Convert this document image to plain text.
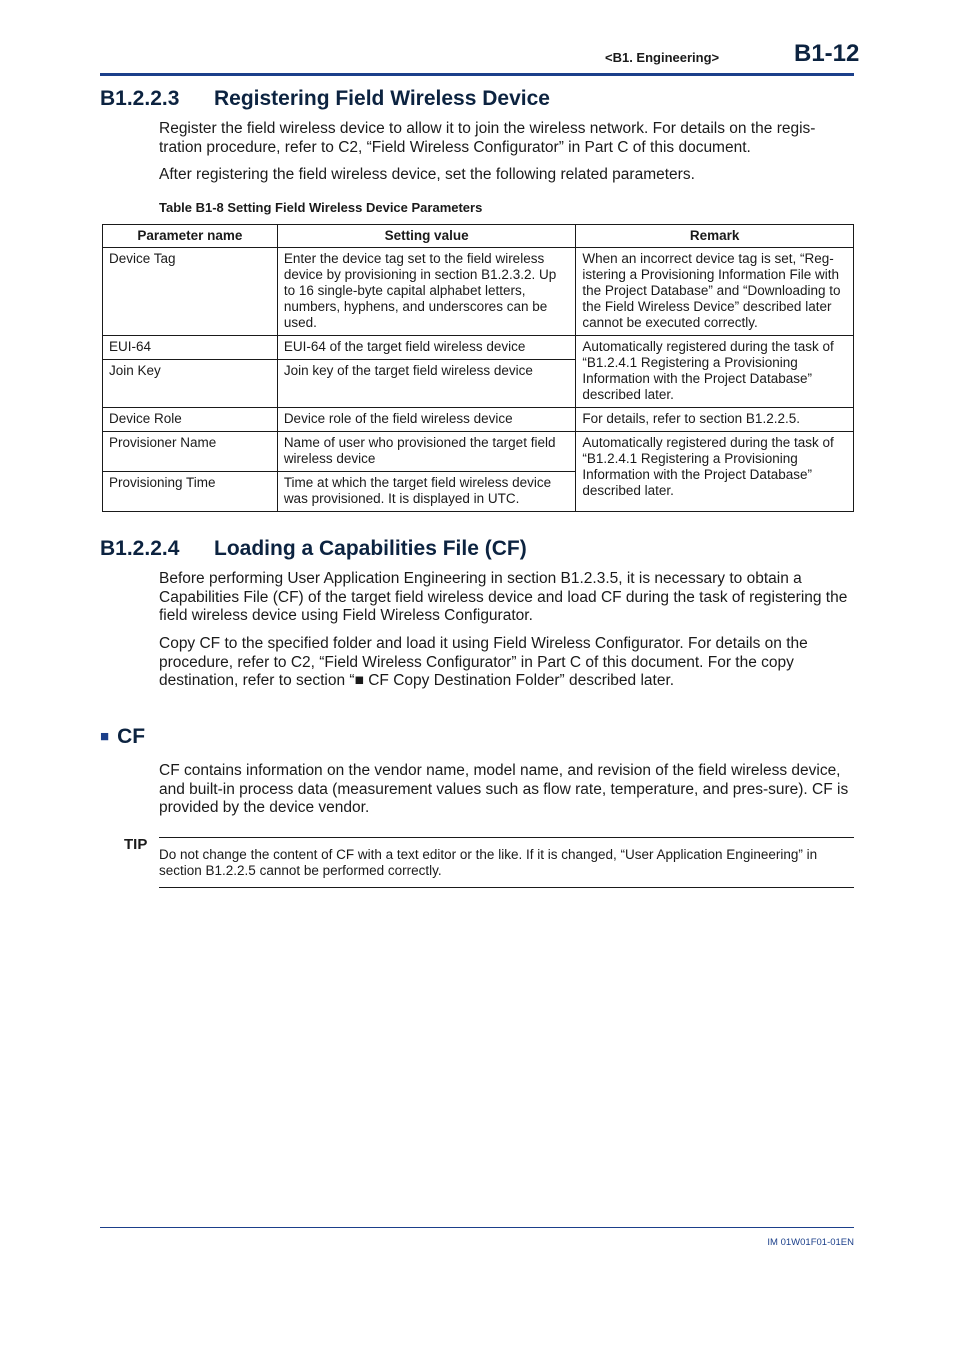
<B1. Engineering>	B1-12
B1.2.2.3 Registering Field Wireless Device
Register the field wireless device to allow it to join the wireless network. For details on the regis-tration procedure, refer to C2, “Field Wireless Configurator” in Part C of this document.
After registering the field wireless device, set the following related parameters.
Table B1-8 Setting Field Wireless Device Parameters
Parameter name	Setting value	Remark
Device Tag	Enter the device tag set to the field wireless device by provisioning in section B1.2.3.2. Up to 16 single-byte capital alphabet letters, numbers, hyphens, and underscores can be used.	When an incorrect device tag is set, “Reg-istering a Provisioning Information File with the Project Database” and “Downloading to the Field Wireless Device” described later cannot be executed correctly.
EUI-64	EUI-64 of the target field wireless device	Automatically registered during the task of “B1.2.4.1 Registering a Provisioning Information with the Project Database” described later.
Join Key	Join key of the target field wireless device	
Device Role	Device role of the field wireless device	For details, refer to section B1.2.2.5.
Provisioner Name	Name of user who provisioned the target field wireless device	Automatically registered during the task of “B1.2.4.1 Registering a Provisioning Information with the Project Database” described later.
Provisioning Time	Time at which the target field wireless device was provisioned. It is displayed in UTC.	
B1.2.2.4 Loading a Capabilities File (CF)
Before performing User Application Engineering in section B1.2.3.5, it is necessary to obtain a Capabilities File (CF) of the target field wireless device and load CF during the task of registering the field wireless device using Field Wireless Configurator.
Copy CF to the specified folder and load it using Field Wireless Configurator. For details on the procedure, refer to C2, “Field Wireless Configurator” in Part C of this document. For the copy destination, refer to section “■ CF Copy Destination Folder” described later.
■ CF
CF contains information on the vendor name, model name, and revision of the field wireless device, and built-in process data (measurement values such as flow rate, temperature, and pres-sure). CF is provided by the device vendor.
TIP
Do not change the content of CF with a text editor or the like. If it is changed, “User Application Engineering” in section B1.2.2.5 cannot be performed correctly.
IM 01W01F01-01EN
